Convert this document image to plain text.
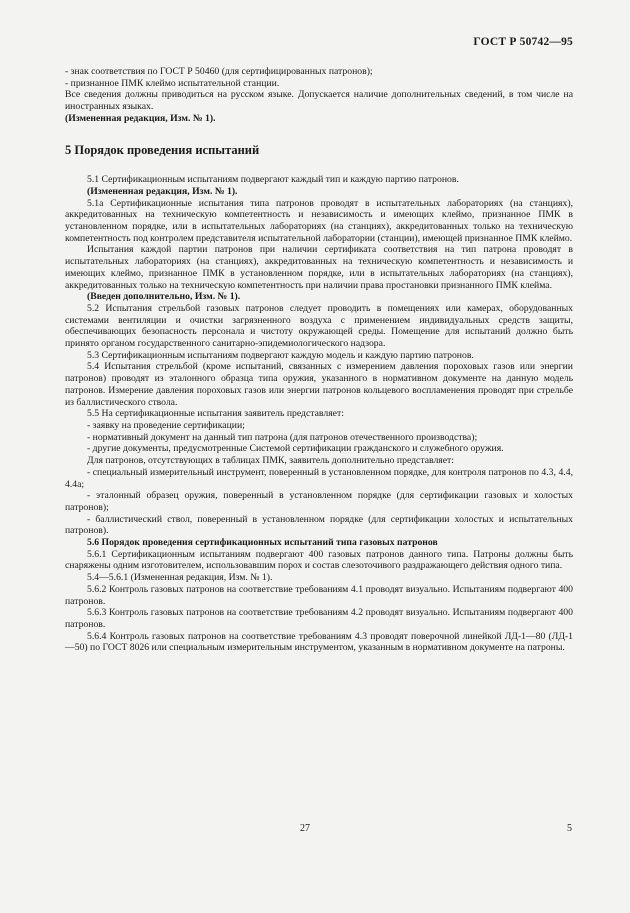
ГОСТ Р 50742—95

- знак соответствия по ГОСТ Р 50460 (для сертифицированных патронов);

- признанное ПМК клеймо испытательной станции.

Все сведения должны приводиться на русском языке. Допускается наличие дополнительных сведений, в том числе на иностранных языках.

(Измененная редакция, Изм. № 1).

5 Порядок проведения испытаний

5.1 Сертификационным испытаниям подвергают каждый тип и каждую партию патронов.

(Измененная редакция, Изм. № 1).

5.1а Сертификационные испытания типа патронов проводят в испытательных лабораториях (на станциях), аккредитованных на техническую компетентность и независимость и имеющих клеймо, признанное ПМК в установленном порядке, или в испытательных лабораториях (на станциях), аккредитованных только на техническую компетентность под контролем представителя испытательной лаборатории (станции), имеющей признанное ПМК клеймо.

Испытания каждой партии патронов при наличии сертификата соответствия на тип патрона проводят в испытательных лабораториях (на станциях), аккредитованных на техническую компетентность и независимость и имеющих клеймо, признанное ПМК в установленном порядке, или в испытательных лабораториях (на станциях), аккредитованных только на техническую компетентность при наличии права простановки признанного ПМК клейма.

(Введен дополнительно, Изм. № 1).

5.2 Испытания стрельбой газовых патронов следует проводить в помещениях или камерах, оборудованных системами вентиляции и очистки загрязненного воздуха с применением индивидуальных средств защиты, обеспечивающих безопасность персонала и чистоту окружающей среды. Помещение для испытаний должно быть принято органом государственного санитарно-эпидемиологического надзора.

5.3 Сертификационным испытаниям подвергают каждую модель и каждую партию патронов.

5.4 Испытания стрельбой (кроме испытаний, связанных с измерением давления пороховых газов или энергии патронов) проводят из эталонного образца типа оружия, указанного в нормативном документе на данную модель патронов. Измерение давления пороховых газов или энергии патронов кольцевого воспламенения проводят при стрельбе из баллистического ствола.

5.5 На сертификационные испытания заявитель представляет:

- заявку на проведение сертификации;

- нормативный документ на данный тип патрона (для патронов отечественного производства);

- другие документы, предусмотренные Системой сертификации гражданского и служебного оружия.

Для патронов, отсутствующих в таблицах ПМК, заявитель дополнительно представляет:

- специальный измерительный инструмент, поверенный в установленном порядке, для контроля патронов по 4.3, 4.4, 4.4а;

- эталонный образец оружия, поверенный в установленном порядке (для сертификации газовых и холостых патронов);

- баллистический ствол, поверенный в установленном порядке (для сертификации холостых и испытательных патронов).

5.6 Порядок проведения сертификационных испытаний типа газовых патронов

5.6.1 Сертификационным испытаниям подвергают 400 газовых патронов данного типа. Патроны должны быть снаряжены одним изготовителем, использовавшим порох и состав слезоточивого раздражающего действия одного типа.

5.4—5.6.1 (Измененная редакция, Изм. № 1).

5.6.2 Контроль газовых патронов на соответствие требованиям 4.1 проводят визуально. Испытаниям подвергают 400 патронов.

5.6.3 Контроль газовых патронов на соответствие требованиям 4.2 проводят визуально. Испытаниям подвергают 400 патронов.

5.6.4 Контроль газовых патронов на соответствие требованиям 4.3 проводят поверочной линейкой ЛД-1—80 (ЛД-1—50) по ГОСТ 8026 или специальным измерительным инструментом, указанным в нормативном документе на патроны.

27	5
